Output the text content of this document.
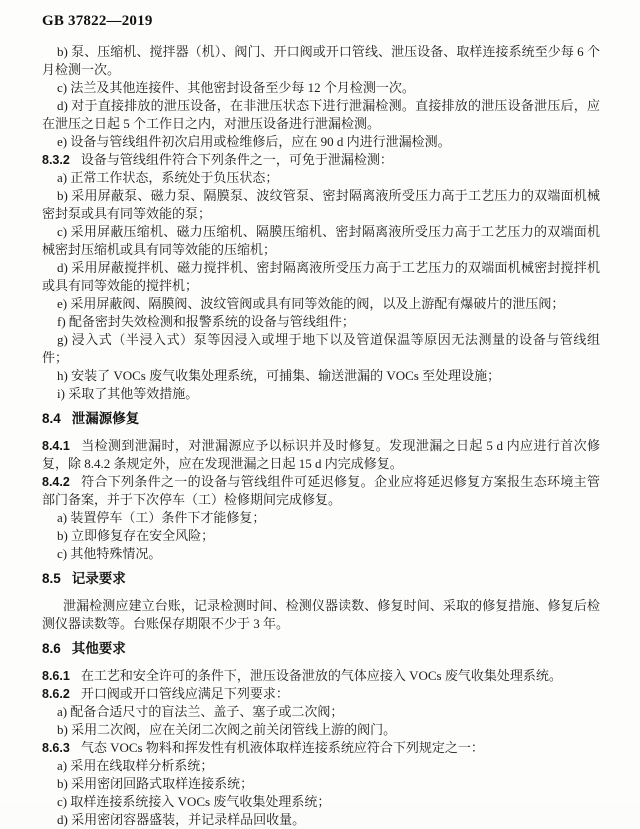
GB 37822—2019

b) 泵、压缩机、搅拌器（机）、阀门、开口阀或开口管线、泄压设备、取样连接系统至少每 6 个月检测一次。

c) 法兰及其他连接件、其他密封设备至少每 12 个月检测一次。

d) 对于直接排放的泄压设备，在非泄压状态下进行泄漏检测。直接排放的泄压设备泄压后，应在泄压之日起 5 个工作日之内，对泄压设备进行泄漏检测。

e) 设备与管线组件初次启用或检维修后，应在 90 d 内进行泄漏检测。

8.3.2 设备与管线组件符合下列条件之一，可免于泄漏检测：

a) 正常工作状态，系统处于负压状态；

b) 采用屏蔽泵、磁力泵、隔膜泵、波纹管泵、密封隔离液所受压力高于工艺压力的双端面机械密封泵或具有同等效能的泵；

c) 采用屏蔽压缩机、磁力压缩机、隔膜压缩机、密封隔离液所受压力高于工艺压力的双端面机械密封压缩机或具有同等效能的压缩机；

d) 采用屏蔽搅拌机、磁力搅拌机、密封隔离液所受压力高于工艺压力的双端面机械密封搅拌机或具有同等效能的搅拌机；

e) 采用屏蔽阀、隔膜阀、波纹管阀或具有同等效能的阀，以及上游配有爆破片的泄压阀；

f) 配备密封失效检测和报警系统的设备与管线组件；

g) 浸入式（半浸入式）泵等因浸入或埋于地下以及管道保温等原因无法测量的设备与管线组件；

h) 安装了 VOCs 废气收集处理系统，可捕集、输送泄漏的 VOCs 至处理设施；

i) 采取了其他等效措施。

8.4 泄漏源修复

8.4.1 当检测到泄漏时，对泄漏源应予以标识并及时修复。发现泄漏之日起 5 d 内应进行首次修复，除 8.4.2 条规定外，应在发现泄漏之日起 15 d 内完成修复。

8.4.2 符合下列条件之一的设备与管线组件可延迟修复。企业应将延迟修复方案报生态环境主管部门备案，并于下次停车（工）检修期间完成修复。

a) 装置停车（工）条件下才能修复；

b) 立即修复存在安全风险；

c) 其他特殊情况。

8.5 记录要求

泄漏检测应建立台账，记录检测时间、检测仪器读数、修复时间、采取的修复措施、修复后检测仪器读数等。台账保存期限不少于 3 年。

8.6 其他要求

8.6.1 在工艺和安全许可的条件下，泄压设备泄放的气体应接入 VOCs 废气收集处理系统。

8.6.2 开口阀或开口管线应满足下列要求：

a) 配备合适尺寸的盲法兰、盖子、塞子或二次阀；

b) 采用二次阀，应在关闭二次阀之前关闭管线上游的阀门。

8.6.3 气态 VOCs 物料和挥发性有机液体取样连接系统应符合下列规定之一：

a) 采用在线取样分析系统；

b) 采用密闭回路式取样连接系统；

c) 取样连接系统接入 VOCs 废气收集处理系统；

d) 采用密闭容器盛装，并记录样品回收量。
